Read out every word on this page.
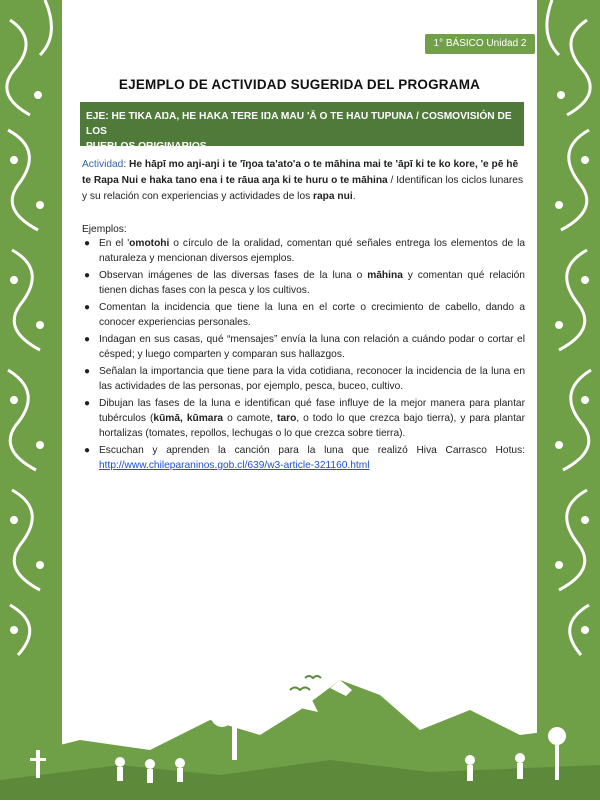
1° BÁSICO Unidad 2
EJEMPLO DE ACTIVIDAD SUGERIDA DEL PROGRAMA
EJE: HE TIKA AŊA, HE HAKA TERE IŊA MAU 'Ā O TE HAU TUPUNA / COSMOVISIÓN DE LOS
PUEBLOS ORIGINARIOS.
Actividad: He hāpī mo aŋi-aŋi i te 'īŋoa ta'ato'a o te māhina mai te 'āpī ki te ko kore, 'e pē hē te Rapa Nui e haka tano ena i te rāua aŋa ki te huru o te māhina / Identifican los ciclos lunares y su relación con experiencias y actividades de los rapa nui.
Ejemplos:
● En el 'omotohi o círculo de la oralidad, comentan qué señales entrega los elementos de la naturaleza y mencionan diversos ejemplos.
● Observan imágenes de las diversas fases de la luna o māhina y comentan qué relación tienen dichas fases con la pesca y los cultivos.
● Comentan la incidencia que tiene la luna en el corte o crecimiento de cabello, dando a conocer experiencias personales.
● Indagan en sus casas, qué “mensajes” envía la luna con relación a cuándo podar o cortar el césped; y luego comparten y comparan sus hallazgos.
● Señalan la importancia que tiene para la vida cotidiana, reconocer la incidencia de la luna en las actividades de las personas, por ejemplo, pesca, buceo, cultivo.
● Dibujan las fases de la luna e identifican qué fase influye de la mejor manera para plantar tubérculos (kūmā, kūmara o camote, taro, o todo lo que crezca bajo tierra), y para plantar hortalizas (tomates, repollos, lechugas o lo que crezca sobre tierra).
● Escuchan y aprenden la canción para la luna que realizó Hiva Carrasco Hotus: http://www.chileparaninos.gob.cl/639/w3-article-321160.html
